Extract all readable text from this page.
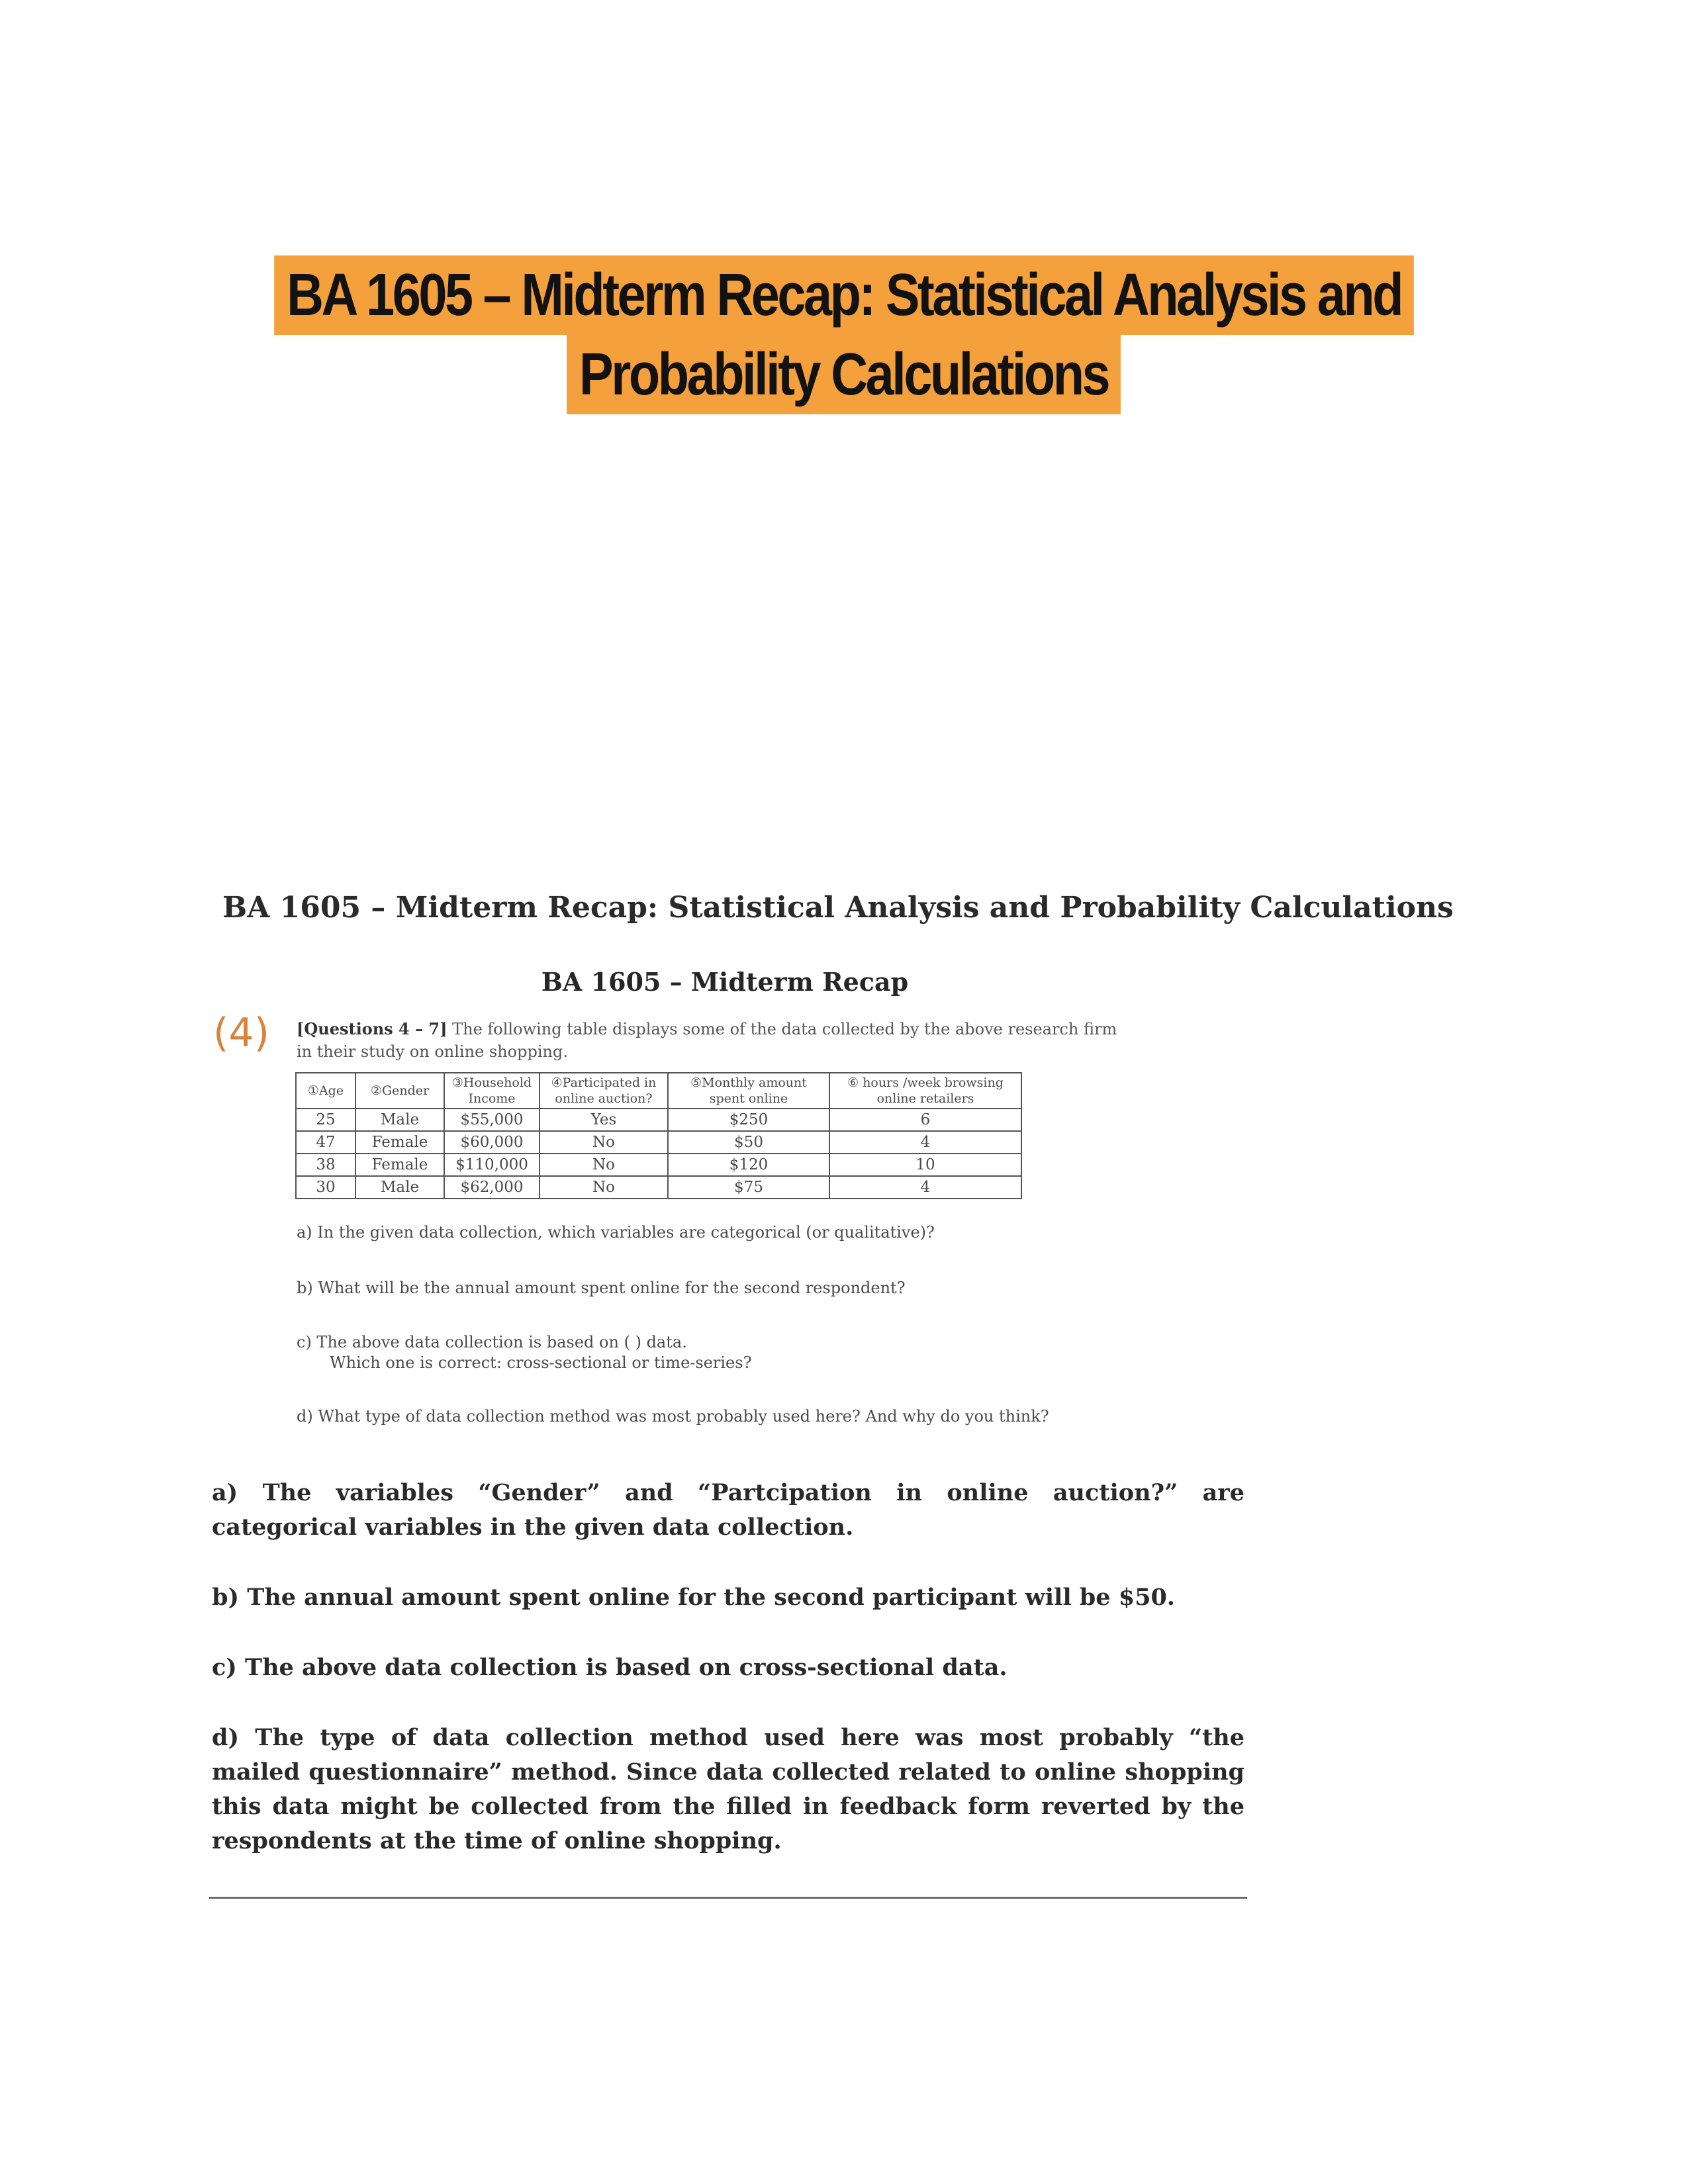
BA 1605 – Midterm Recap: Statistical Analysis and
Probability Calculations
BA 1605 – Midterm Recap: Statistical Analysis and Probability Calculations
BA 1605 – Midterm Recap
(4) [Questions 4 – 7] The following table displays some of the data collected by the above research firm in their study on online shopping.
①Age	②Gender	③Household Income	④Participated in online auction?	⑤Monthly amount spent online	⑥ hours /week browsing online retailers
25	Male	$55,000	Yes	$250	6
47	Female	$60,000	No	$50	4
38	Female	$110,000	No	$120	10
30	Male	$62,000	No	$75	4
a) In the given data collection, which variables are categorical (or qualitative)?
b) What will be the annual amount spent online for the second respondent?
c) The above data collection is based on ( ) data.
Which one is correct: cross-sectional or time-series?
d) What type of data collection method was most probably used here? And why do you think?
a) The variables “Gender” and “Partcipation in online auction?” are categorical variables in the given data collection.
b) The annual amount spent online for the second participant will be $50.
c) The above data collection is based on cross-sectional data.
d) The type of data collection method used here was most probably “the mailed questionnaire” method. Since data collected related to online shopping this data might be collected from the filled in feedback form reverted by the respondents at the time of online shopping.
